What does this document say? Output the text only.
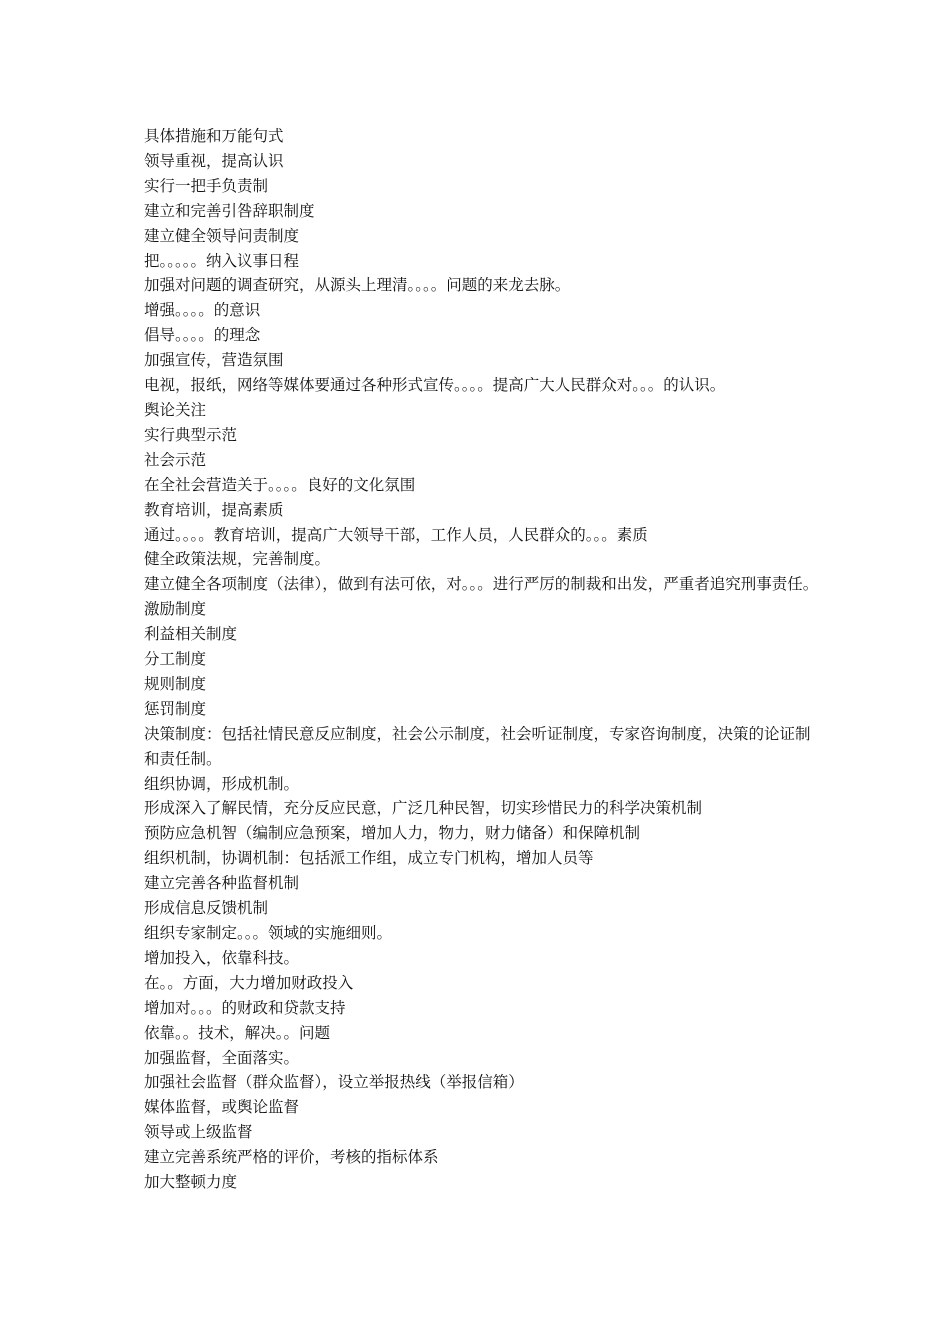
具体措施和万能句式
领导重视，提高认识
实行一把手负责制
建立和完善引咎辞职制度
建立健全领导问责制度
把。。。。。纳入议事日程
加强对问题的调查研究，从源头上理清。。。。问题的来龙去脉。
增强。。。。的意识
倡导。。。。的理念
加强宣传，营造氛围
电视，报纸，网络等媒体要通过各种形式宣传。。。。提高广大人民群众对。。。的认识。
舆论关注
实行典型示范
社会示范
在全社会营造关于。。。。良好的文化氛围
教育培训，提高素质
通过。。。。教育培训，提高广大领导干部，工作人员，人民群众的。。。素质
健全政策法规，完善制度。
建立健全各项制度（法律），做到有法可依，对。。。进行严厉的制裁和出发，严重者追究刑事责任。
激励制度
利益相关制度
分工制度
规则制度
惩罚制度
决策制度：包括社情民意反应制度，社会公示制度，社会听证制度，专家咨询制度，决策的论证制和责任制。
组织协调，形成机制。
形成深入了解民情，充分反应民意，广泛几种民智，切实珍惜民力的科学决策机制
预防应急机智（编制应急预案，增加人力，物力，财力储备）和保障机制
组织机制，协调机制：包括派工作组，成立专门机构，增加人员等
建立完善各种监督机制
形成信息反馈机制
组织专家制定。。。领域的实施细则。
增加投入，依靠科技。
在。。方面，大力增加财政投入
增加对。。。的财政和贷款支持
依靠。。技术，解决。。问题
加强监督，全面落实。
加强社会监督（群众监督），设立举报热线（举报信箱）
媒体监督，或舆论监督
领导或上级监督
建立完善系统严格的评价，考核的指标体系
加大整顿力度
